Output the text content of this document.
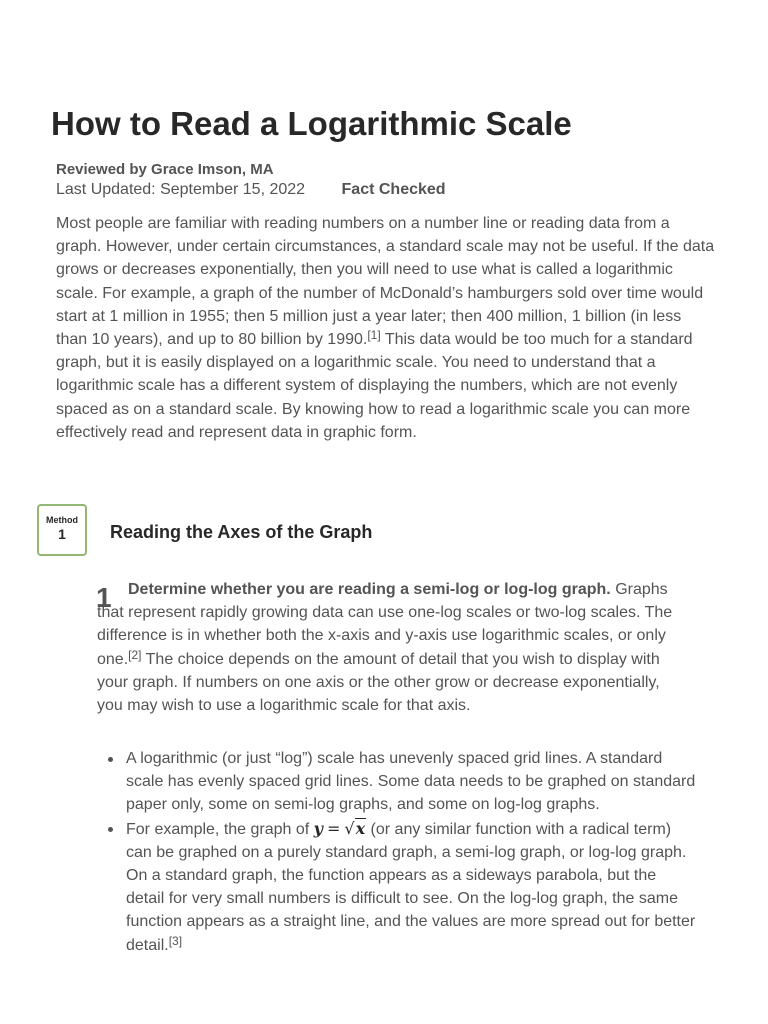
How to Read a Logarithmic Scale
Reviewed by Grace Imson, MA
Last Updated: September 15, 2022 Fact Checked

Most people are familiar with reading numbers on a number line or reading data from a graph. However, under certain circumstances, a standard scale may not be useful. If the data grows or decreases exponentially, then you will need to use what is called a logarithmic scale. For example, a graph of the number of McDonald’s hamburgers sold over time would start at 1 million in 1955; then 5 million just a year later; then 400 million, 1 billion (in less than 10 years), and up to 80 billion by 1990.[1] This data would be too much for a standard graph, but it is easily displayed on a logarithmic scale. You need to understand that a logarithmic scale has a different system of displaying the numbers, which are not evenly spaced as on a standard scale. By knowing how to read a logarithmic scale you can more effectively read and represent data in graphic form.

Method
1	Reading the Axes of the Graph
1	Determine whether you are reading a semi-log or log-log graph. Graphs that represent rapidly growing data can use one-log scales or two-log scales. The difference is in whether both the x-axis and y-axis use logarithmic scales, or only one.[2] The choice depends on the amount of detail that you wish to display with your graph. If numbers on one axis or the other grow or decrease exponentially, you may wish to use a logarithmic scale for that axis.

A logarithmic (or just “log”) scale has unevenly spaced grid lines. A standard scale has evenly spaced grid lines. Some data needs to be graphed on standard paper only, some on semi-log graphs, and some on log-log graphs.
For example, the graph of y = √x (or any similar function with a radical term) can be graphed on a purely standard graph, a semi-log graph, or log-log graph. On a standard graph, the function appears as a sideways parabola, but the detail for very small numbers is difficult to see. On the log-log graph, the same function appears as a straight line, and the values are more spread out for better detail.[3]
